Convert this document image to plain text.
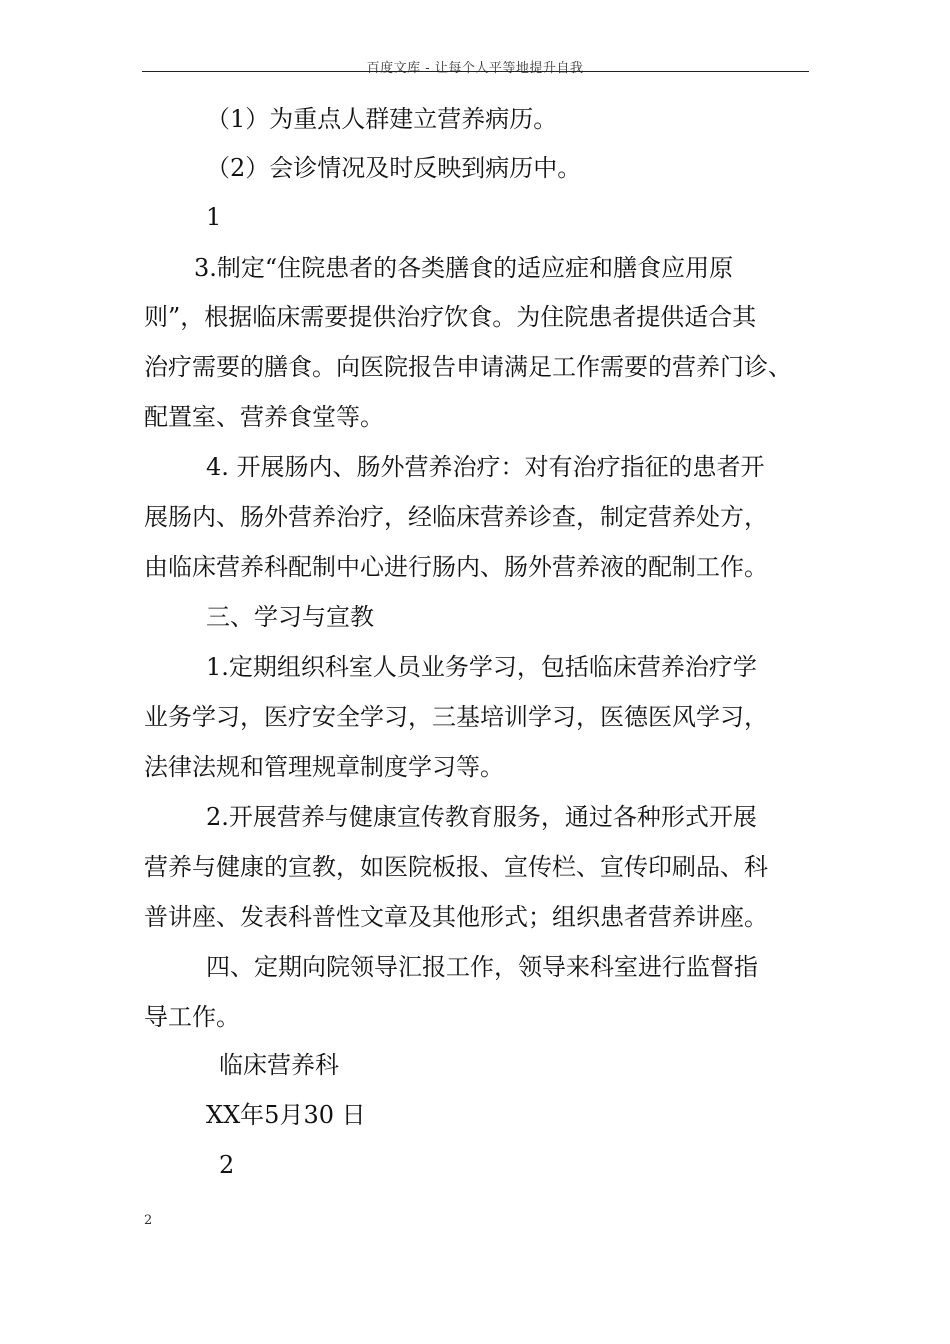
百度文库 - 让每个人平等地提升自我
（1）为重点人群建立营养病历。
（2）会诊情况及时反映到病历中。
1
3.制定“住院患者的各类膳食的适应症和膳食应用原
则”，根据临床需要提供治疗饮食。为住院患者提供适合其
治疗需要的膳食。向医院报告申请满足工作需要的营养门诊、
配置室、营养食堂等。
4. 开展肠内、肠外营养治疗：对有治疗指征的患者开
展肠内、肠外营养治疗，经临床营养诊查，制定营养处方，
由临床营养科配制中心进行肠内、肠外营养液的配制工作。
三、学习与宣教
1.定期组织科室人员业务学习，包括临床营养治疗学
业务学习，医疗安全学习，三基培训学习，医德医风学习，
法律法规和管理规章制度学习等。
2.开展营养与健康宣传教育服务，通过各种形式开展
营养与健康的宣教，如医院板报、宣传栏、宣传印刷品、科
普讲座、发表科普性文章及其他形式；组织患者营养讲座。
四、定期向院领导汇报工作，领导来科室进行监督指
导工作。
临床营养科
XX年5月30 日
2
2
